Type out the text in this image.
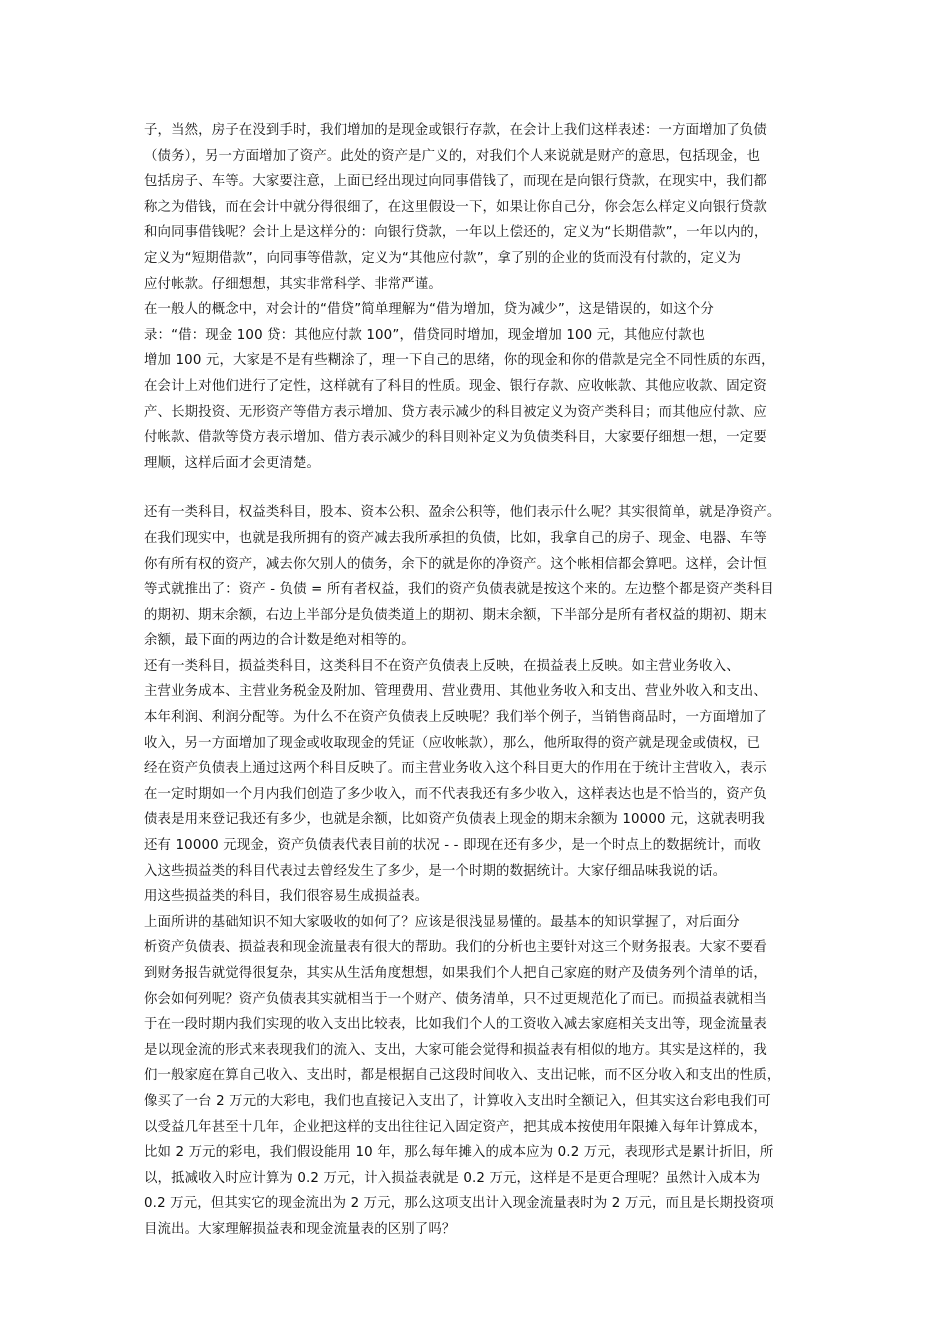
子，当然，房子在没到手时，我们增加的是现金或银行存款，在会计上我们这样表述：一方面增加了负债
（债务），另一方面增加了资产。此处的资产是广义的，对我们个人来说就是财产的意思，包括现金，也
包括房子、车等。大家要注意，上面已经出现过向同事借钱了，而现在是向银行贷款，在现实中，我们都
称之为借钱，而在会计中就分得很细了，在这里假设一下，如果让你自己分，你会怎么样定义向银行贷款
和向同事借钱呢？会计上是这样分的：向银行贷款，一年以上偿还的，定义为“长期借款”，一年以内的，
定义为“短期借款”，向同事等借款，定义为“其他应付款”，拿了别的企业的货而没有付款的，定义为
应付帐款。仔细想想，其实非常科学、非常严谨。
在一般人的概念中，对会计的“借贷”简单理解为“借为增加，贷为减少”，这是错误的，如这个分
录：“借：现金 100 贷：其他应付款 100”，借贷同时增加，现金增加 100 元，其他应付款也
增加 100 元，大家是不是有些糊涂了，理一下自己的思绪，你的现金和你的借款是完全不同性质的东西，
在会计上对他们进行了定性，这样就有了科目的性质。现金、银行存款、应收帐款、其他应收款、固定资
产、长期投资、无形资产等借方表示增加、贷方表示减少的科目被定义为资产类科目；而其他应付款、应
付帐款、借款等贷方表示增加、借方表示减少的科目则补定义为负债类科目，大家要仔细想一想，一定要
理顺，这样后面才会更清楚。
还有一类科目，权益类科目，股本、资本公积、盈余公积等，他们表示什么呢？其实很简单，就是净资产。
在我们现实中，也就是我所拥有的资产减去我所承担的负债，比如，我拿自己的房子、现金、电器、车等
你有所有权的资产，减去你欠别人的债务，余下的就是你的净资产。这个帐相信都会算吧。这样，会计恒
等式就推出了：资产 - 负债 = 所有者权益，我们的资产负债表就是按这个来的。左边整个都是资产类科目
的期初、期末余额，右边上半部分是负债类道上的期初、期末余额，下半部分是所有者权益的期初、期末
余额，最下面的两边的合计数是绝对相等的。
还有一类科目，损益类科目，这类科目不在资产负债表上反映，在损益表上反映。如主营业务收入、
主营业务成本、主营业务税金及附加、管理费用、营业费用、其他业务收入和支出、营业外收入和支出、
本年利润、利润分配等。为什么不在资产负债表上反映呢？我们举个例子，当销售商品时，一方面增加了
收入，另一方面增加了现金或收取现金的凭证（应收帐款），那么，他所取得的资产就是现金或债权，已
经在资产负债表上通过这两个科目反映了。而主营业务收入这个科目更大的作用在于统计主营收入，表示
在一定时期如一个月内我们创造了多少收入，而不代表我还有多少收入，这样表达也是不恰当的，资产负
债表是用来登记我还有多少，也就是余额，比如资产负债表上现金的期末余额为 10000 元，这就表明我
还有 10000 元现金，资产负债表代表目前的状况 - - 即现在还有多少，是一个时点上的数据统计，而收
入这些损益类的科目代表过去曾经发生了多少，是一个时期的数据统计。大家仔细品味我说的话。
用这些损益类的科目，我们很容易生成损益表。
上面所讲的基础知识不知大家吸收的如何了？应该是很浅显易懂的。最基本的知识掌握了，对后面分
析资产负债表、损益表和现金流量表有很大的帮助。我们的分析也主要针对这三个财务报表。大家不要看
到财务报告就觉得很复杂，其实从生活角度想想，如果我们个人把自己家庭的财产及债务列个清单的话，
你会如何列呢？资产负债表其实就相当于一个财产、债务清单，只不过更规范化了而已。而损益表就相当
于在一段时期内我们实现的收入支出比较表，比如我们个人的工资收入减去家庭相关支出等，现金流量表
是以现金流的形式来表现我们的流入、支出，大家可能会觉得和损益表有相似的地方。其实是这样的，我
们一般家庭在算自己收入、支出时，都是根据自己这段时间收入、支出记帐，而不区分收入和支出的性质，
像买了一台 2 万元的大彩电，我们也直接记入支出了，计算收入支出时全额记入，但其实这台彩电我们可
以受益几年甚至十几年，企业把这样的支出往往记入固定资产，把其成本按使用年限摊入每年计算成本，
比如 2 万元的彩电，我们假设能用 10 年，那么每年摊入的成本应为 0.2 万元，表现形式是累计折旧，所
以，抵减收入时应计算为 0.2 万元，计入损益表就是 0.2 万元，这样是不是更合理呢？虽然计入成本为
0.2 万元，但其实它的现金流出为 2 万元，那么这项支出计入现金流量表时为 2 万元，而且是长期投资项
目流出。大家理解损益表和现金流量表的区别了吗？
